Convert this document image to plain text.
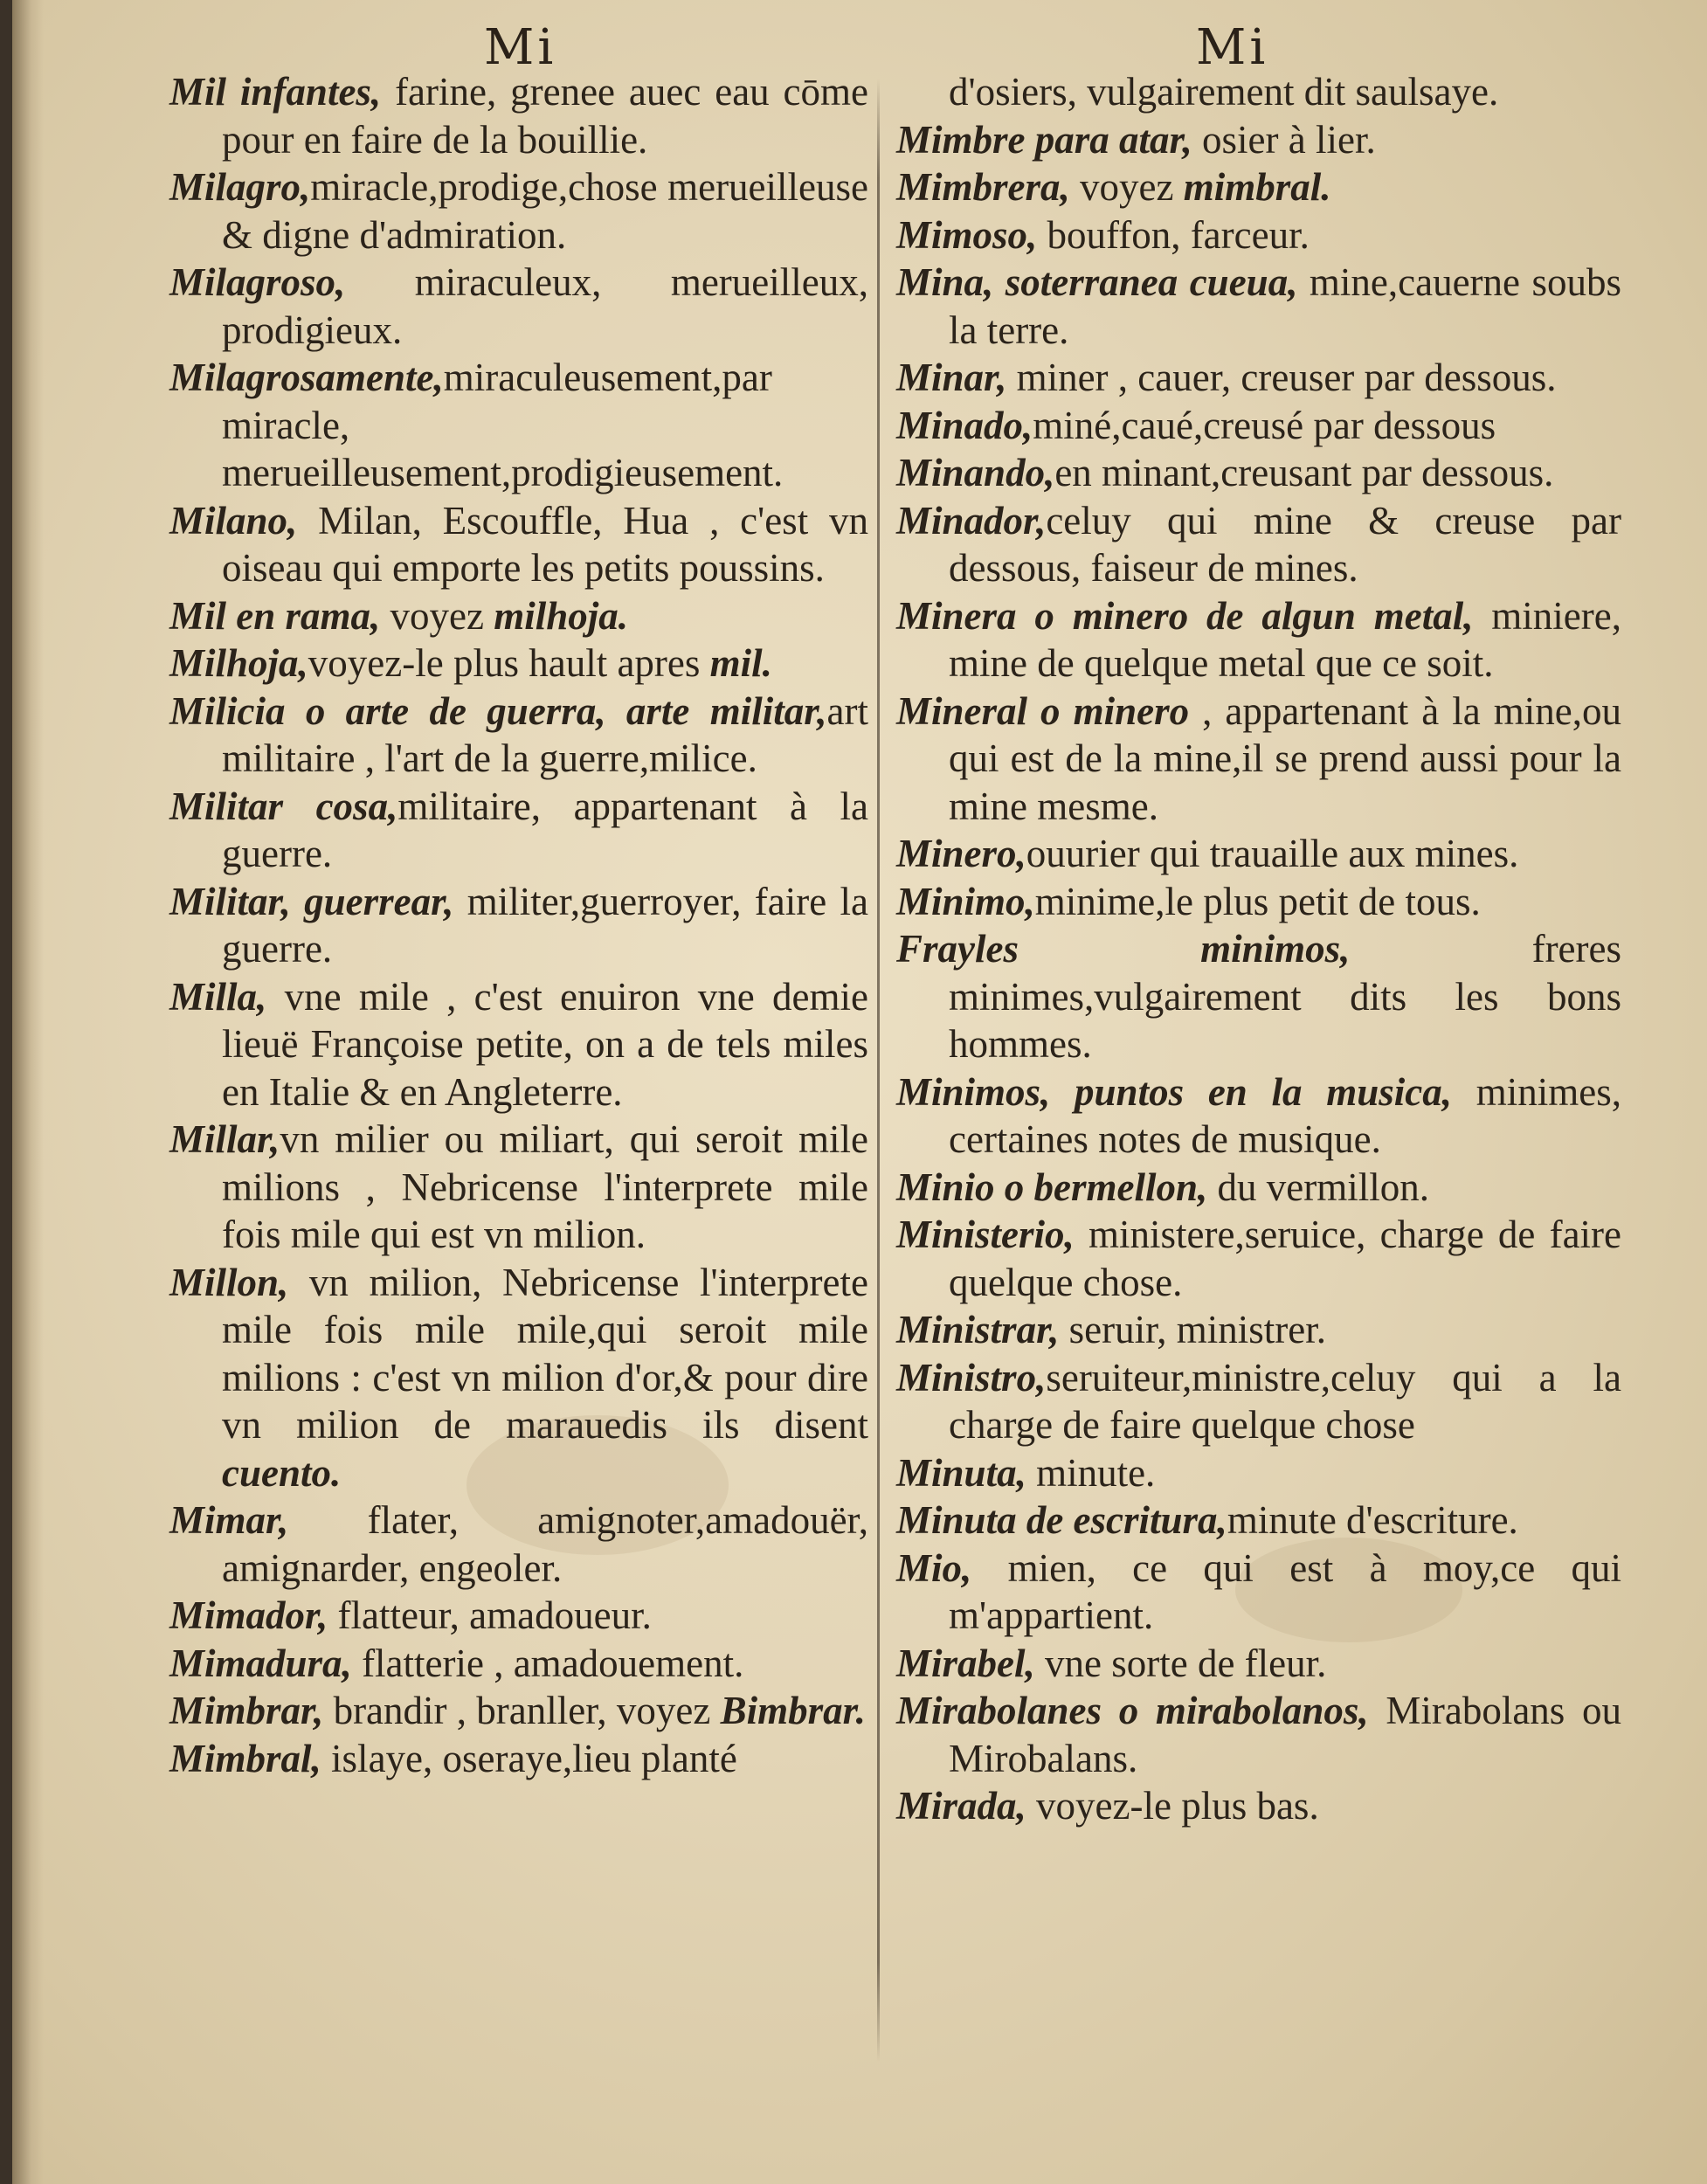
Mi	Mi

Mil infantes, farine, grenee auec eau cōme pour en faire de la bouillie.

Milagro,miracle,prodige,chose merueilleuse & digne d'admiration.

Milagroso, miraculeux, merueilleux, prodigieux.

Milagrosamente,miraculeusement,par miracle, merueilleusement,prodigieusement.

Milano, Milan, Escouffle, Hua , c'est vn oiseau qui emporte les petits poussins.

Mil en rama, voyez milhoja.

Milhoja,voyez-le plus hault apres mil.

Milicia o arte de guerra, arte militar,art militaire , l'art de la guerre,milice.

Militar cosa,militaire, appartenant à la guerre.

Militar, guerrear, militer,guerroyer, faire la guerre.

Milla, vne mile , c'est enuiron vne demie lieuë Françoise petite, on a de tels miles en Italie & en Angleterre.

Millar,vn milier ou miliart, qui seroit mile milions , Nebricense l'interprete mile fois mile qui est vn milion.

Millon, vn milion, Nebricense l'interprete mile fois mile mile,qui seroit mile milions : c'est vn milion d'or,& pour dire vn milion de marauedis ils disent cuento.

Mimar, flater, amignoter,amadouër, amignarder, engeoler.

Mimador, flatteur, amadoueur.

Mimadura, flatterie , amadouement.

Mimbrar, brandir , branller, voyez Bimbrar.

Mimbral, islaye, oseraye,lieu planté

d'osiers, vulgairement dit saulsaye.

Mimbre para atar, osier à lier.

Mimbrera, voyez mimbral.

Mimoso, bouffon, farceur.

Mina, soterranea cueua, mine,cauerne soubs la terre.

Minar, miner , cauer, creuser par dessous.

Minado,miné,caué,creusé par dessous

Minando,en minant,creusant par dessous.

Minador,celuy qui mine & creuse par dessous, faiseur de mines.

Minera o minero de algun metal, miniere, mine de quelque metal que ce soit.

Mineral o minero , appartenant à la mine,ou qui est de la mine,il se prend aussi pour la mine mesme.

Minero,ouurier qui trauaille aux mines.

Minimo,minime,le plus petit de tous.

Frayles minimos, freres minimes,vulgairement dits les bons hommes.

Minimos, puntos en la musica, minimes, certaines notes de musique.

Minio o bermellon, du vermillon.

Ministerio, ministere,seruice, charge de faire quelque chose.

Ministrar, seruir, ministrer.

Ministro,seruiteur,ministre,celuy qui a la charge de faire quelque chose

Minuta, minute.

Minuta de escritura,minute d'escriture.

Mio, mien, ce qui est à moy,ce qui m'appartient.

Mirabel, vne sorte de fleur.

Mirabolanes o mirabolanos, Mirabolans ou Mirobalans.

Mirada, voyez-le plus bas.
